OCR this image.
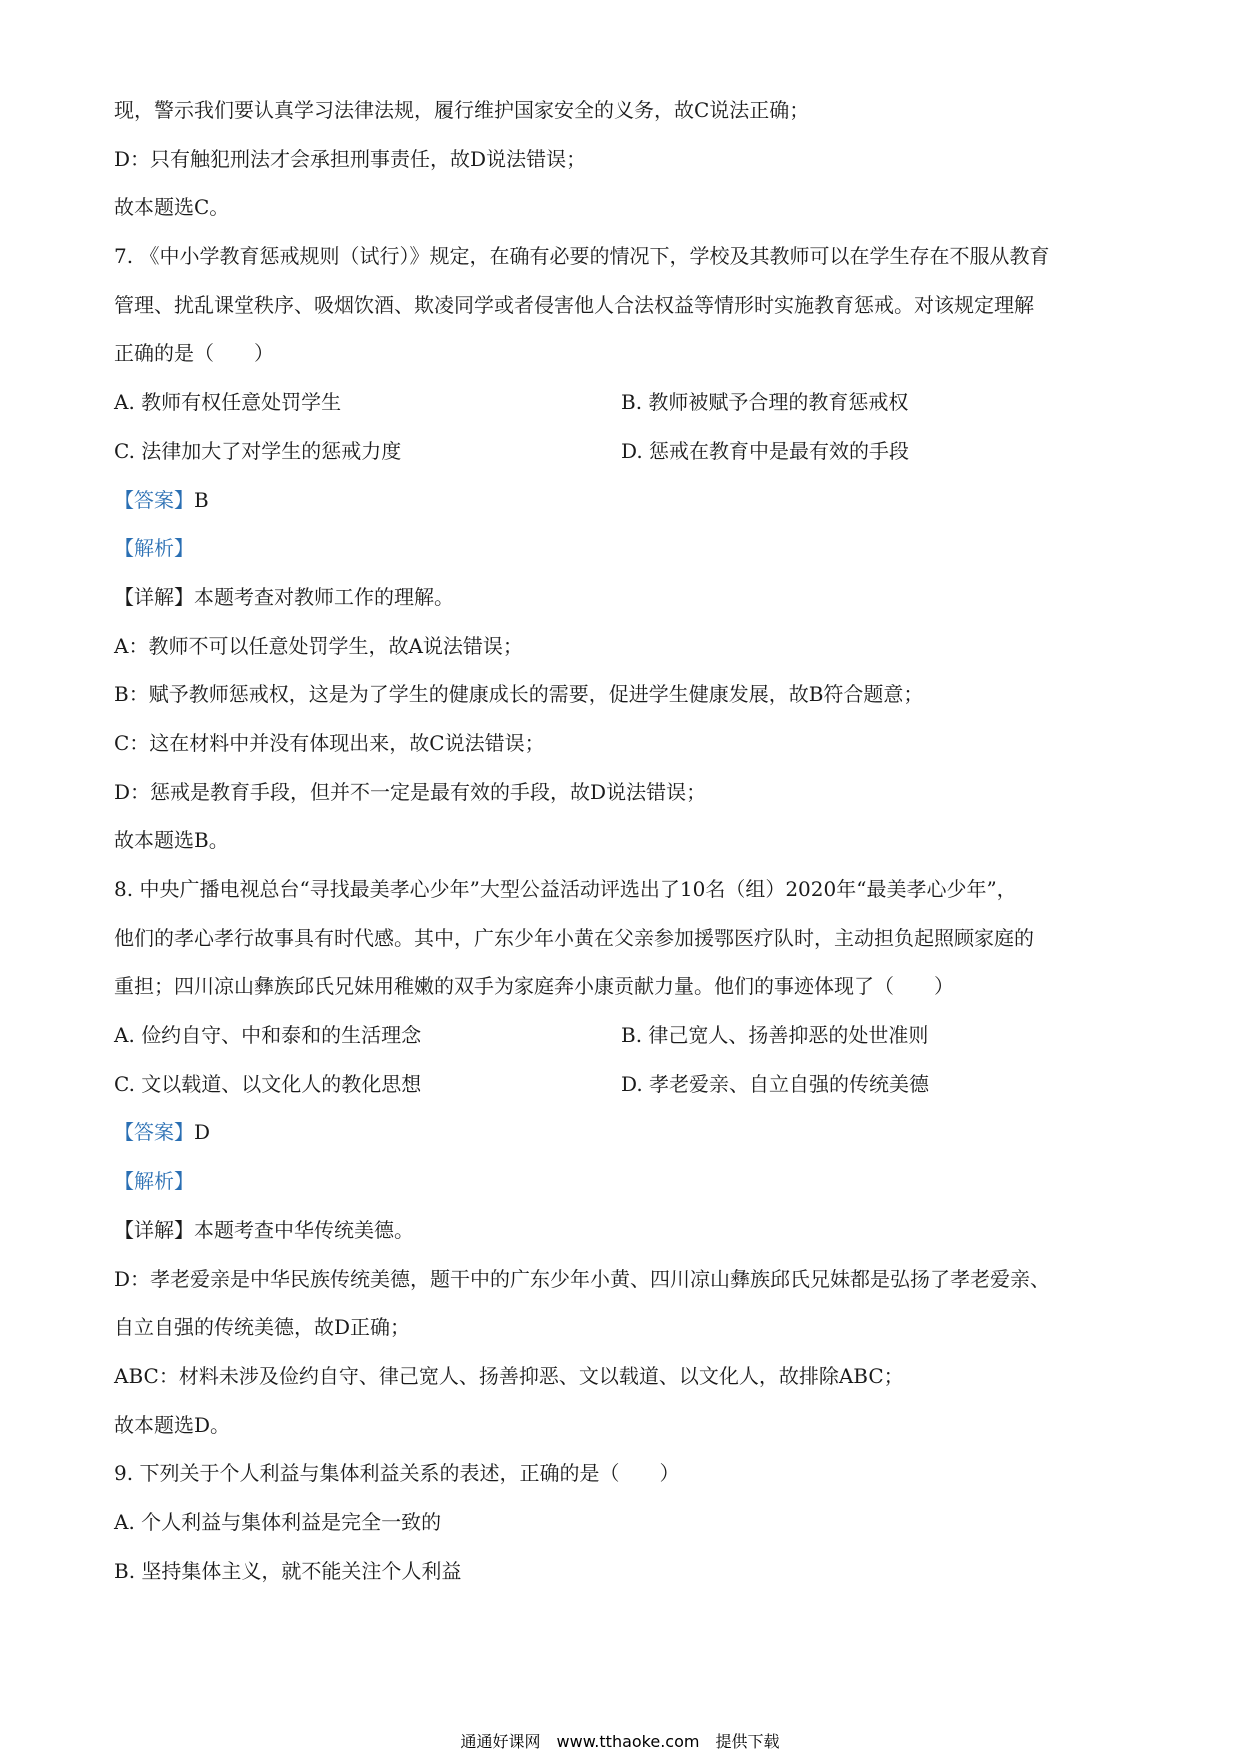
现，警示我们要认真学习法律法规，履行维护国家安全的义务，故C说法正确；
D：只有触犯刑法才会承担刑事责任，故D说法错误；
故本题选C。
7. 《中小学教育惩戒规则（试行）》规定，在确有必要的情况下，学校及其教师可以在学生存在不服从教育
管理、扰乱课堂秩序、吸烟饮酒、欺凌同学或者侵害他人合法权益等情形时实施教育惩戒。对该规定理解
正确的是（　　）
A. 教师有权任意处罚学生	B. 教师被赋予合理的教育惩戒权
C. 法律加大了对学生的惩戒力度	D. 惩戒在教育中是最有效的手段
【答案】B
【解析】
【详解】本题考查对教师工作的理解。
A：教师不可以任意处罚学生，故A说法错误；
B：赋予教师惩戒权，这是为了学生的健康成长的需要，促进学生健康发展，故B符合题意；
C：这在材料中并没有体现出来，故C说法错误；
D：惩戒是教育手段，但并不一定是最有效的手段，故D说法错误；
故本题选B。
8. 中央广播电视总台“寻找最美孝心少年”大型公益活动评选出了10名（组）2020年“最美孝心少年”，
他们的孝心孝行故事具有时代感。其中，广东少年小黄在父亲参加援鄂医疗队时，主动担负起照顾家庭的
重担；四川凉山彝族邱氏兄妹用稚嫩的双手为家庭奔小康贡献力量。他们的事迹体现了（　　）
A. 俭约自守、中和泰和的生活理念	B. 律己宽人、扬善抑恶的处世准则
C. 文以载道、以文化人的教化思想	D. 孝老爱亲、自立自强的传统美德
【答案】D
【解析】
【详解】本题考查中华传统美德。
D：孝老爱亲是中华民族传统美德，题干中的广东少年小黄、四川凉山彝族邱氏兄妹都是弘扬了孝老爱亲、
自立自强的传统美德，故D正确；
ABC：材料未涉及俭约自守、律己宽人、扬善抑恶、文以载道、以文化人，故排除ABC；
故本题选D。
9. 下列关于个人利益与集体利益关系的表述，正确的是（　　）
A. 个人利益与集体利益是完全一致的
B. 坚持集体主义，就不能关注个人利益
通通好课网　www.tthaoke.com　提供下载
